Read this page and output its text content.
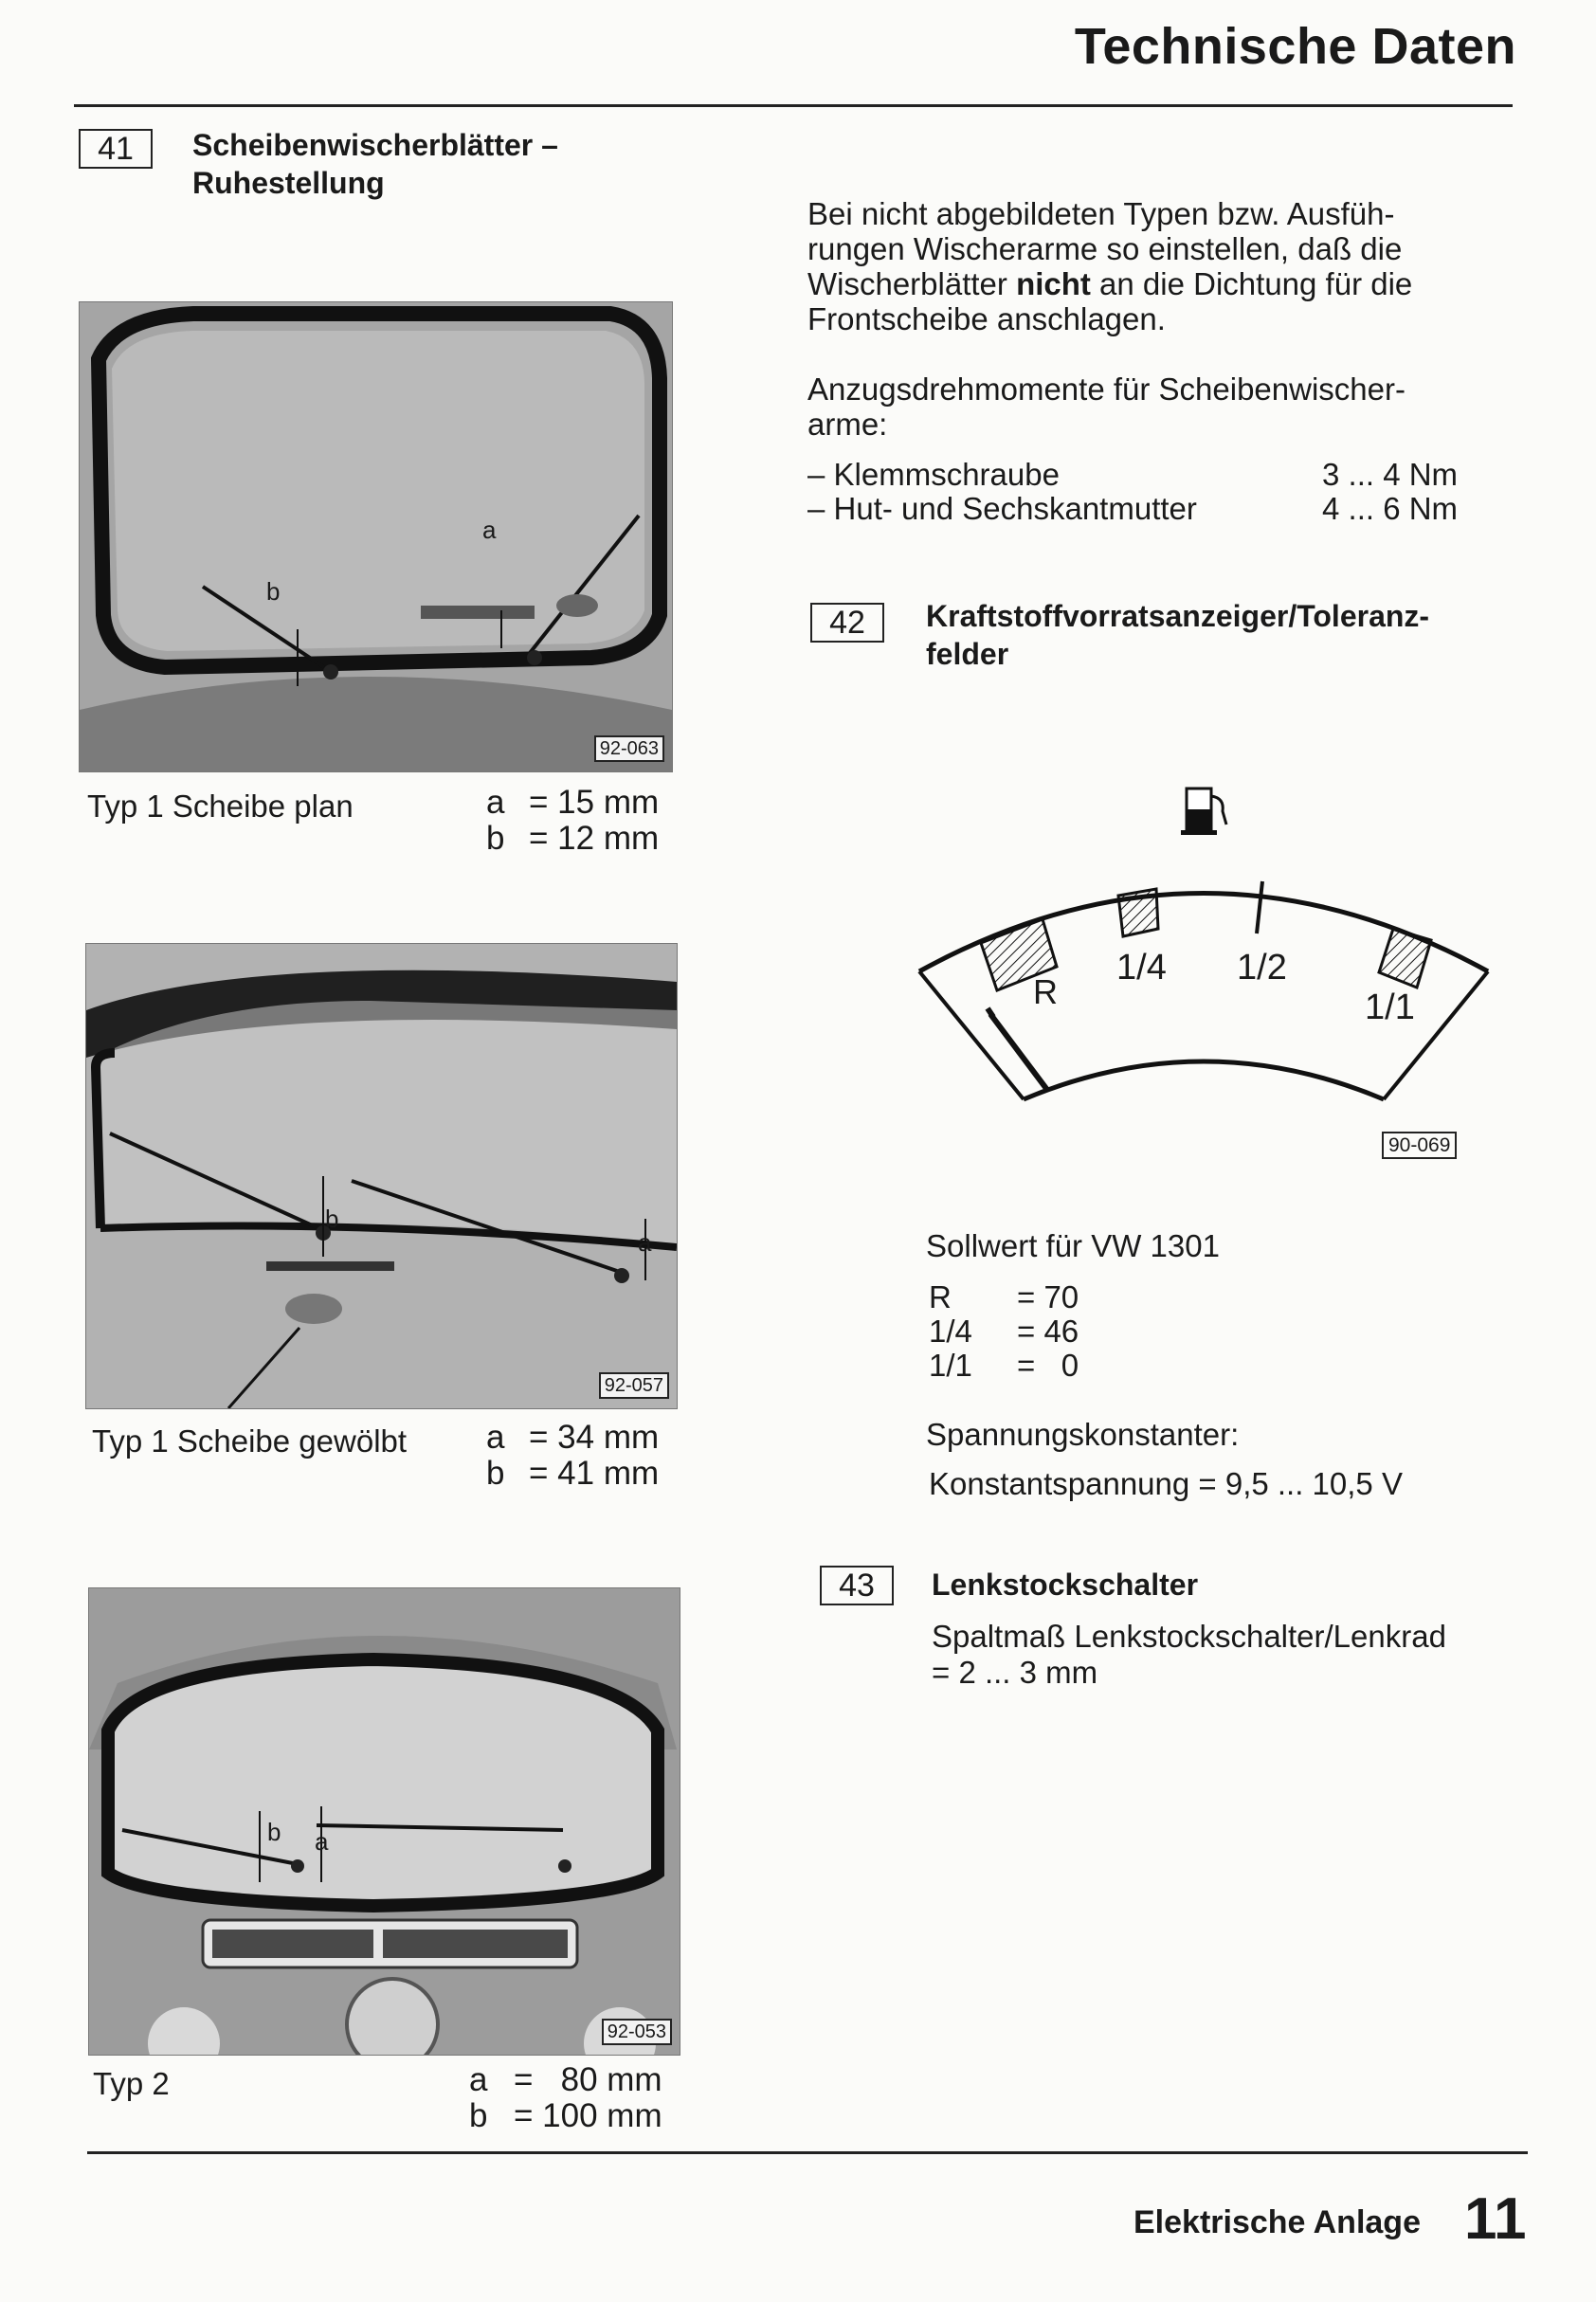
Technische Daten
41	Scheibenwischerblätter –
Ruhestellung
b
a
92-063
Typ 1 Scheibe plan	a = 15 mm
b = 12 mm
b
a
92-057
Typ 1 Scheibe gewölbt a = 34 mm
b = 41 mm
b a
92-053
Typ 2	a =   80 mm
b = 100 mm
Bei nicht abgebildeten Typen bzw. Ausfüh-
rungen Wischerarme so einstellen, daß die
Wischerblätter nicht an die Dichtung für die
Frontscheibe anschlagen.
Anzugsdrehmomente für Scheibenwischer-
arme:
– Klemmschraube	3 ... 4 Nm
– Hut- und Sechskantmutter	4 ... 6 Nm
42	Kraftstoffvorratsanzeiger/Toleranz-
felder
R
1/4 1/2
1/1
90-069
Sollwert für VW 1301
R = 70
1/4 = 46
1/1 =   0
Spannungskonstanter:
Konstantspannung = 9,5 ... 10,5 V
43	Lenkstockschalter
Spaltmaß Lenkstockschalter/Lenkrad
= 2 ... 3 mm
Elektrische Anlage 11
